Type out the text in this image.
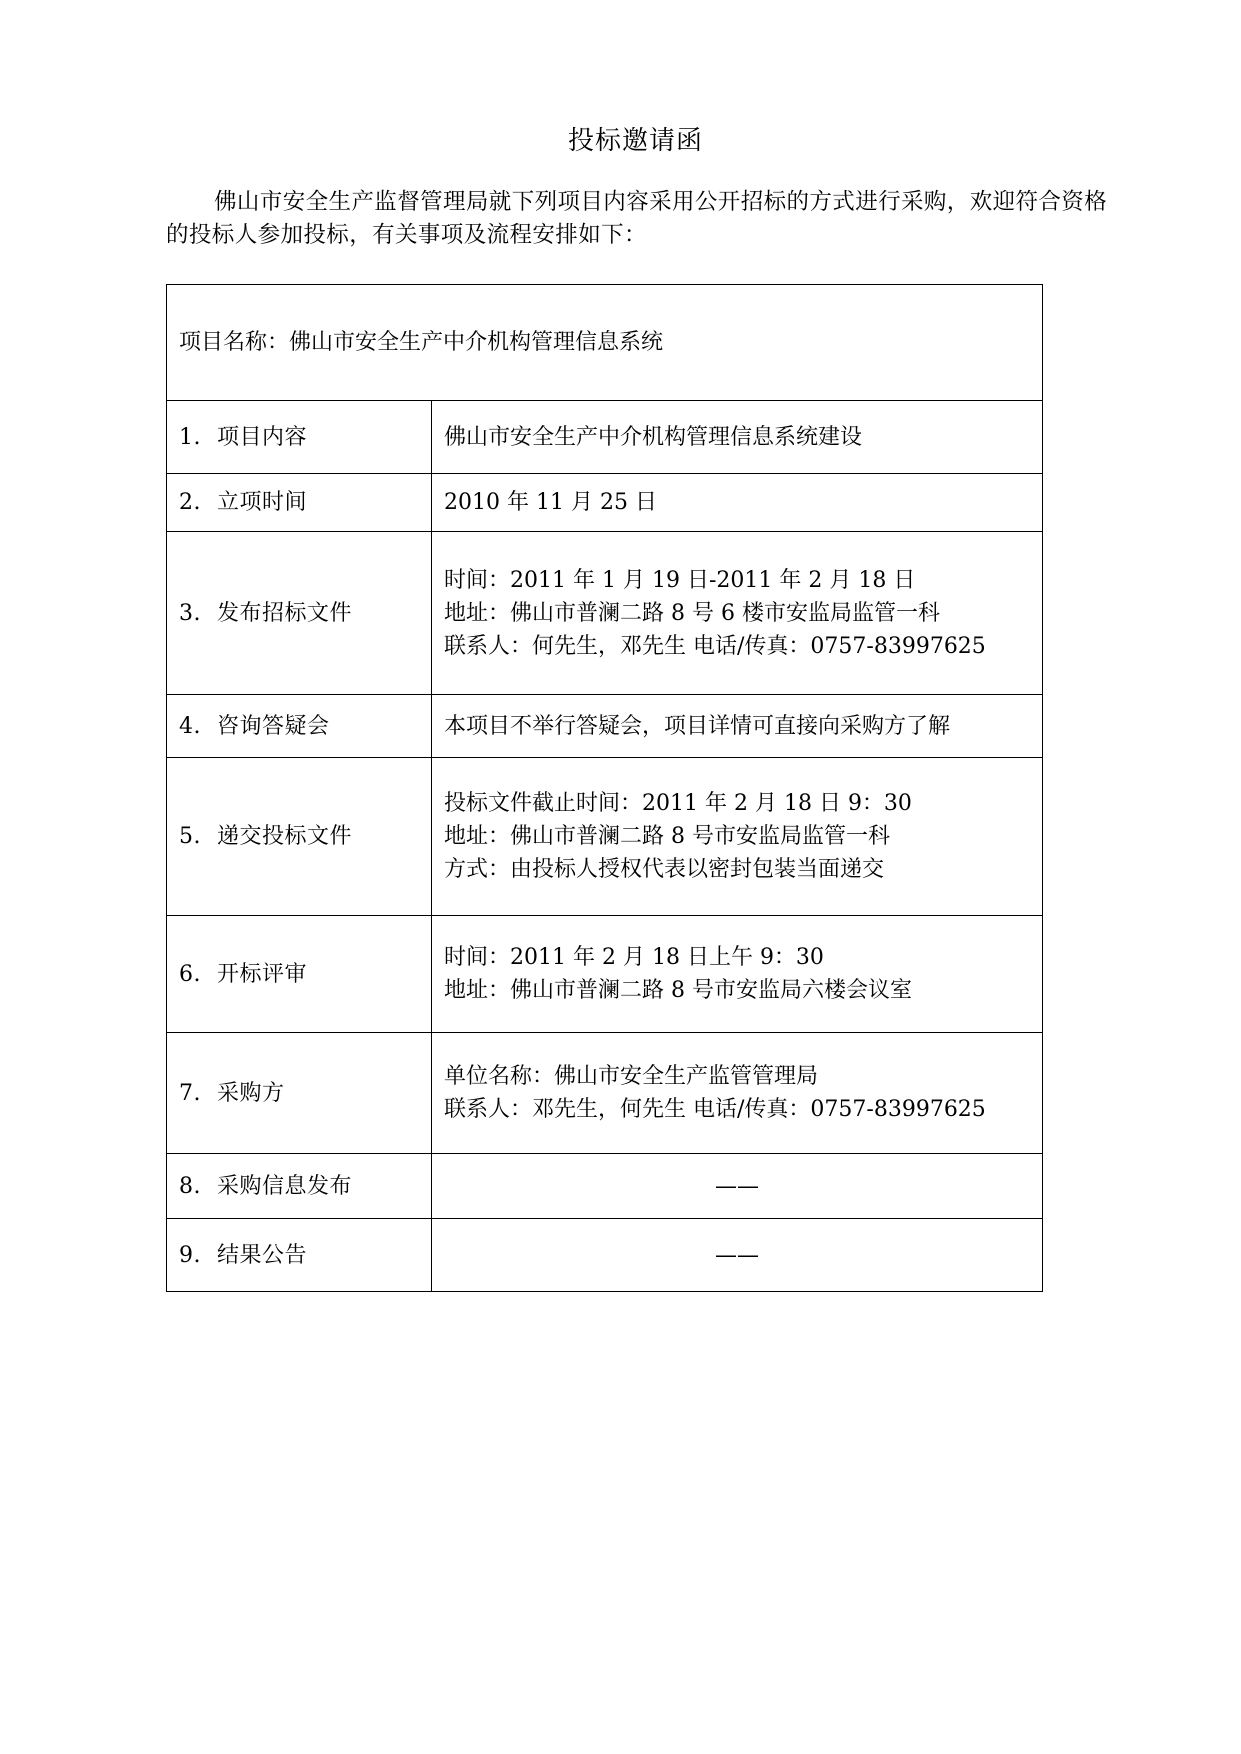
投标邀请函
佛山市安全生产监督管理局就下列项目内容采用公开招标的方式进行采购，欢迎符合资格的投标人参加投标，有关事项及流程安排如下：
项目名称：佛山市安全生产中介机构管理信息系统	
1. 项目内容	佛山市安全生产中介机构管理信息系统建设

2. 立项时间	2010 年 11 月 25 日

3. 发布招标文件	时间：2011 年 1 月 19 日-2011 年 2 月 18 日
地址：佛山市普澜二路 8 号 6 楼市安监局监管一科
联系人：何先生，邓先生 电话/传真：0757-83997625

4. 咨询答疑会	本项目不举行答疑会，项目详情可直接向采购方了解

5. 递交投标文件	投标文件截止时间：2011 年 2 月 18 日 9：30
地址：佛山市普澜二路 8 号市安监局监管一科
方式：由投标人授权代表以密封包装当面递交

6. 开标评审	时间：2011 年 2 月 18 日上午 9：30
地址：佛山市普澜二路 8 号市安监局六楼会议室

7. 采购方	单位名称：佛山市安全生产监管管理局
联系人：邓先生，何先生 电话/传真：0757-83997625

8. 采购信息发布	——

9. 结果公告	——
